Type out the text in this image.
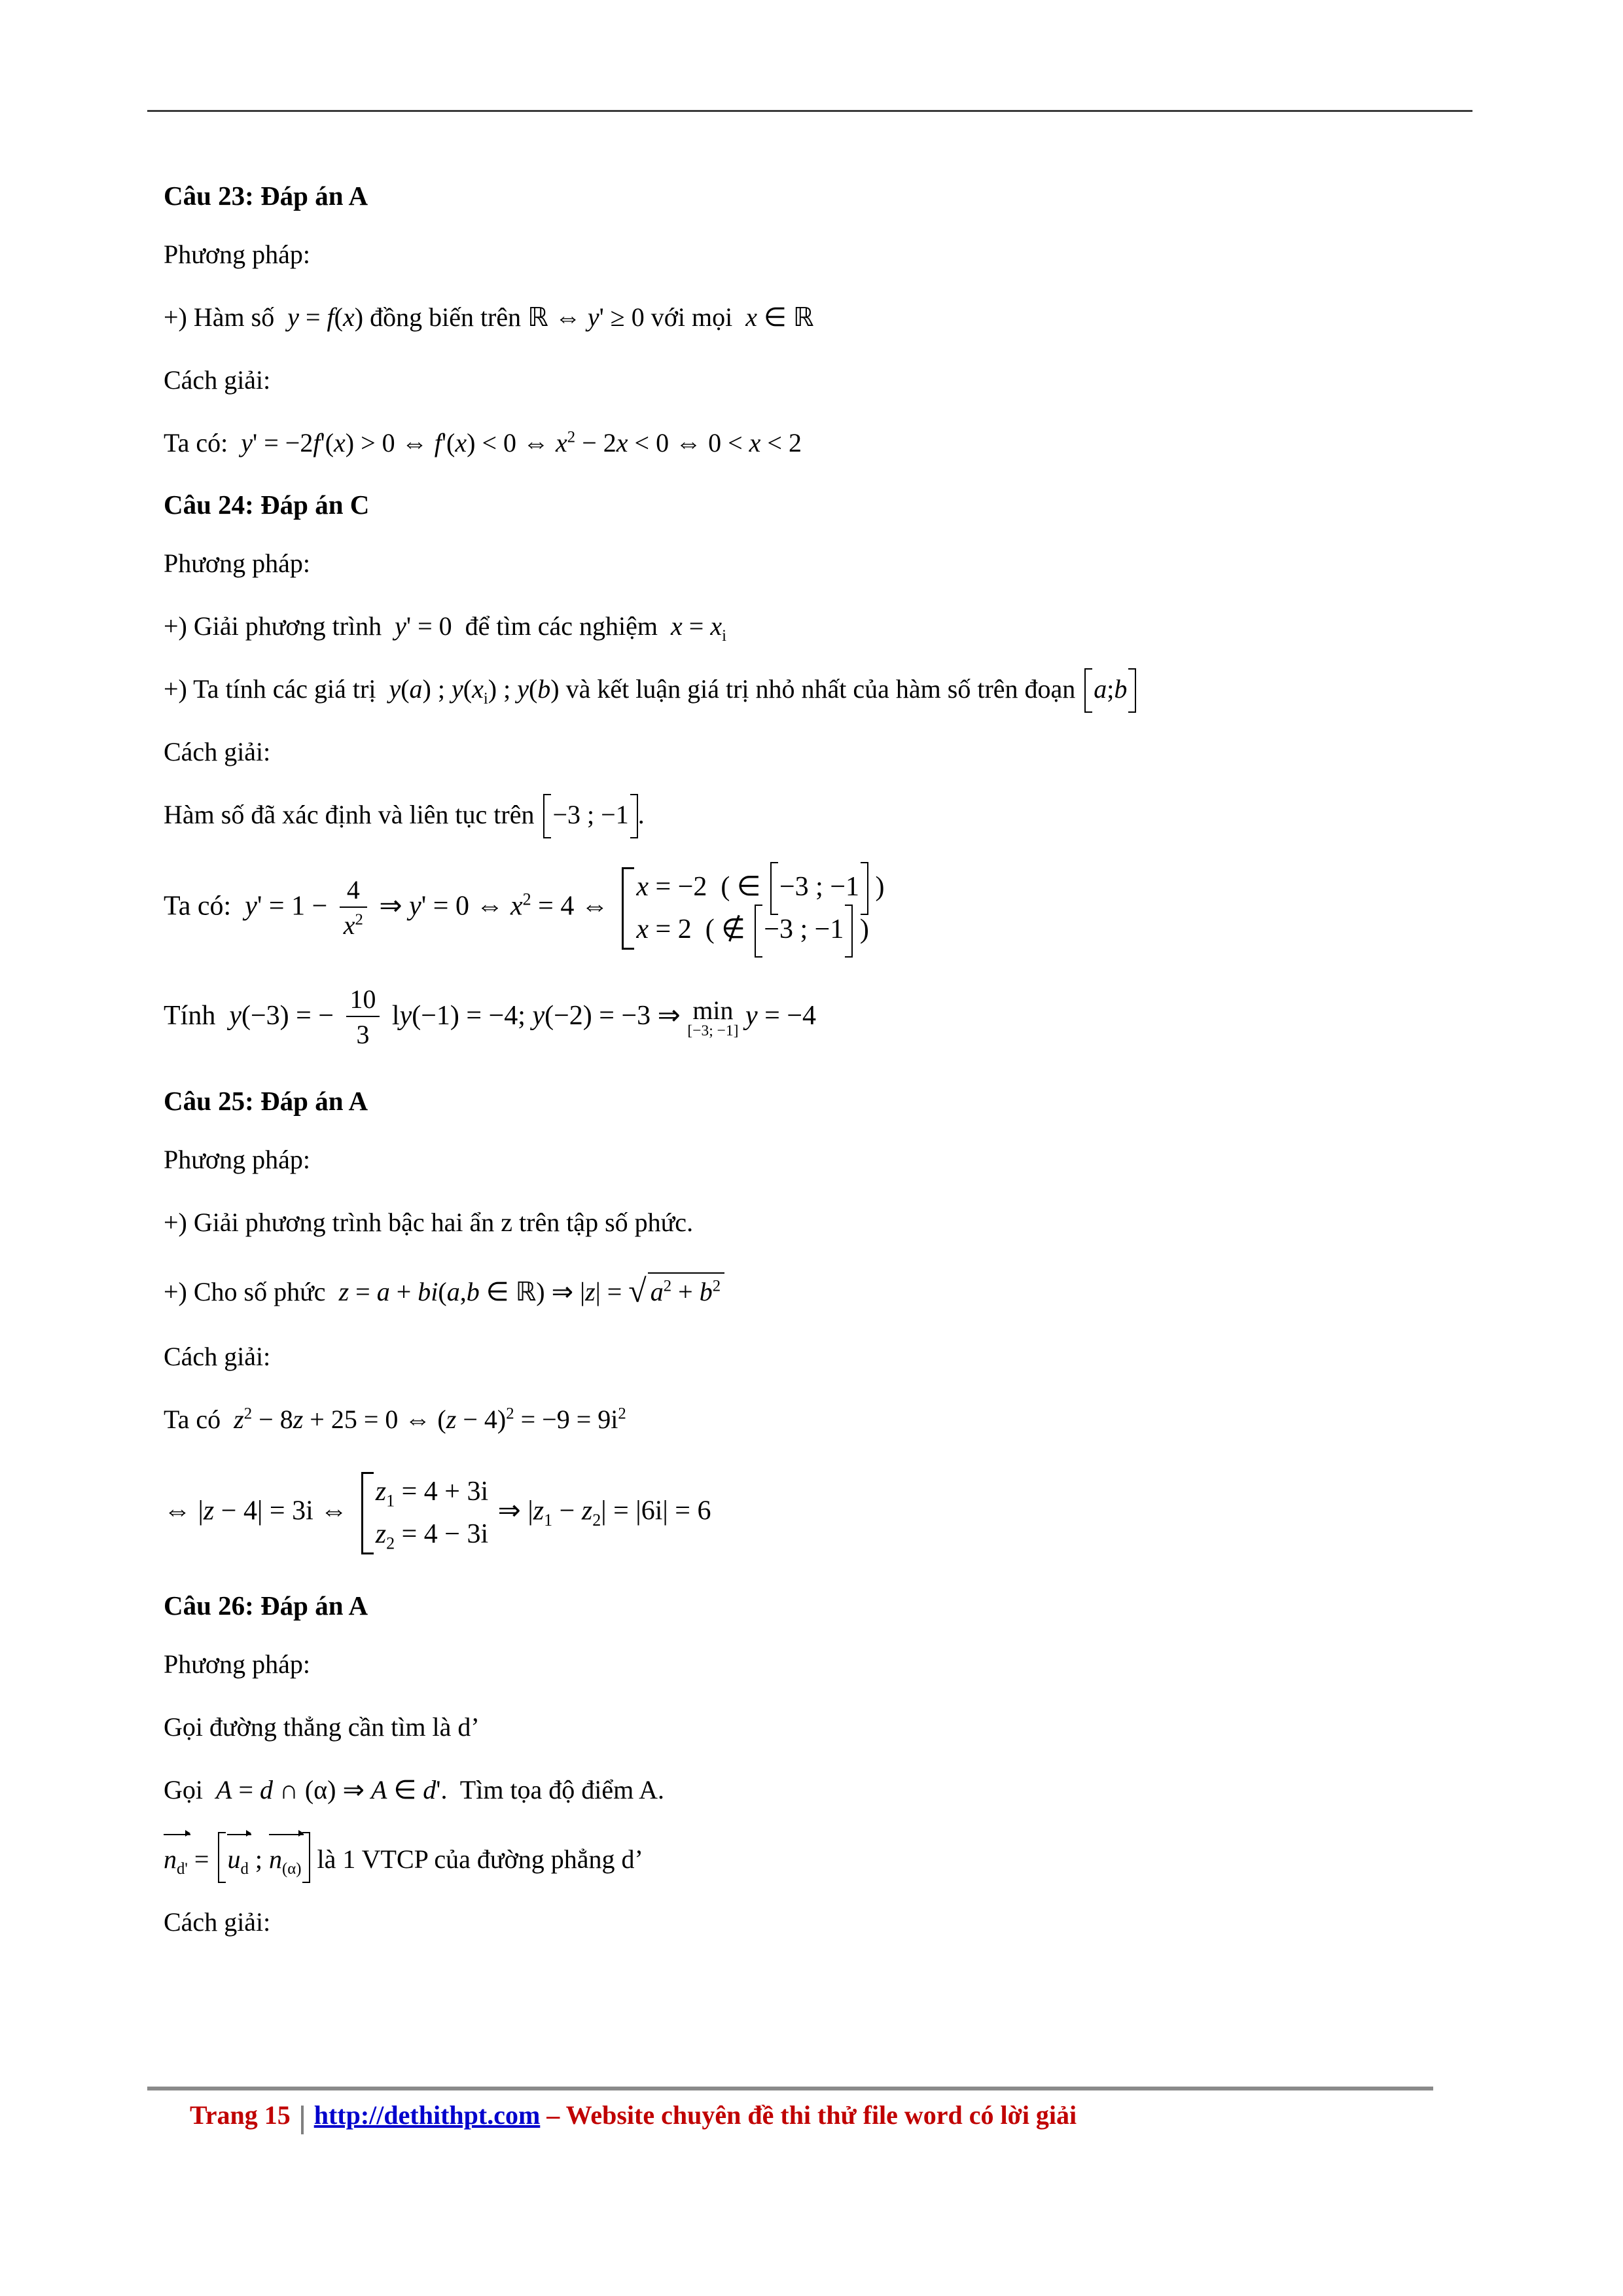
Câu 23: Đáp án A
Phương pháp:
+) Hàm số  y = f(x) đồng biến trên ℝ ⇔ y' ≥ 0 với mọi  x ∈ ℝ
Cách giải:
Ta có:  y' = −2f'(x) > 0 ⇔ f'(x) < 0 ⇔ $x^2 - 2x < 0$ ⇔ 0 < x < 2
Câu 24: Đáp án C
Phương pháp:
+) Giải phương trình  y' = 0  để tìm các nghiệm  $x = x_i$
+) Ta tính các giá trị  y(a) ; $y(x_i)$ ; y(b) và kết luận giá trị nhỏ nhất của hàm số trên đoạn a;b
Cách giải:
Hàm số đã xác định và liên tục trên −3 ; −1 .
Ta có:  $y' = 1 - \frac{4}{x^2}$ ⇒ y' = 0 ⇔ $x^2 = 4$ ⇔
x = −2  ( ∈ −3 ; −1 )
x = 2  ( ∉ −3 ; −1 )
Tính  y(−3) = − $\frac{10}{3} ly(-1) = -4$; y(−2) = −3 ⇒ min
[−3; −1] y = −4
Câu 25: Đáp án A
Phương pháp:
+) Giải phương trình bậc hai ẩn z trên tập số phức.
+) Cho số phức  z = a + bi(a,b ∈ ℝ) ⇒ |z| = √ $a^2 + b^2$
Cách giải:
Ta có  $z^2 - 8z + 25 = 0$ ⇔ $(z - 4)^2 = -9 = 9i^2$
⇔ |z − 4| = 3i ⇔
$z_1 = 4 + 3i$
$z_2 = 4 - 3i$
⇒ $|z_1 - z_2| = |6i| = 6$
Câu 26: Đáp án A
Phương pháp:
Gọi đường thẳng cần tìm là d’
Gọi  A = d ∩ (α) ⇒ A ∈ d'.  Tìm tọa độ điểm A.
$n_{d'} = u_d$ ; $n_{(\alpha)}$ là 1 VTCP của đường phẳng d’
Cách giải:
Trang 15 http://dethithpt.com – Website chuyên đề thi thử file word có lời giải
